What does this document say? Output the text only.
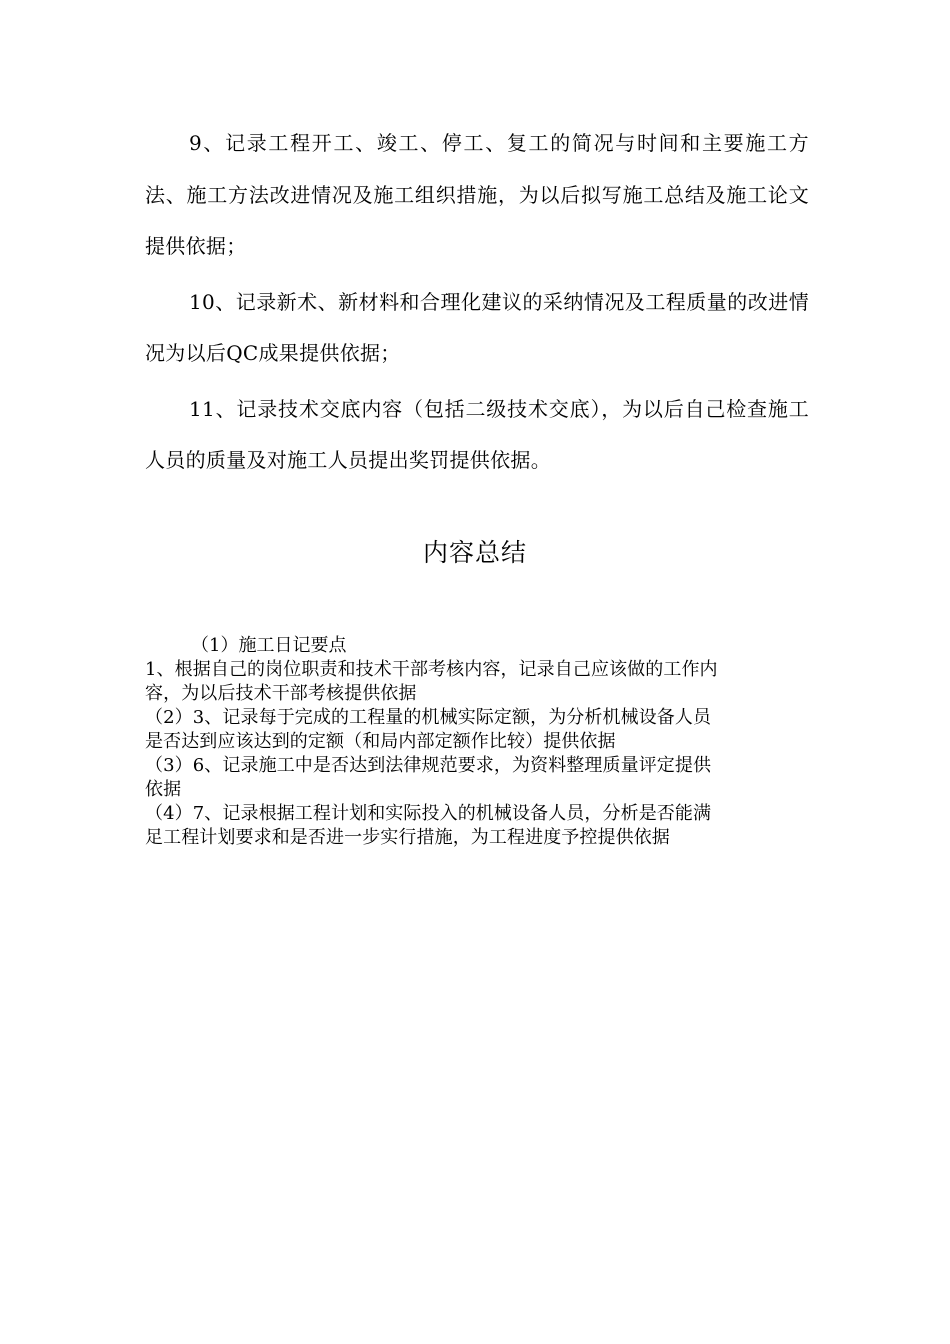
9、记录工程开工、竣工、停工、复工的简况与时间和主要施工方法、施工方法改进情况及施工组织措施，为以后拟写施工总结及施工论文提供依据；

10、记录新术、新材料和合理化建议的采纳情况及工程质量的改进情况为以后QC成果提供依据；

11、记录技术交底内容（包括二级技术交底），为以后自己检查施工人员的质量及对施工人员提出奖罚提供依据。

内容总结

（1）施工日记要点

1、根据自己的岗位职责和技术干部考核内容，记录自己应该做的工作内

容，为以后技术干部考核提供依据

（2）3、记录每于完成的工程量的机械实际定额，为分析机械设备人员

是否达到应该达到的定额（和局内部定额作比较）提供依据

（3）6、记录施工中是否达到法律规范要求，为资料整理质量评定提供

依据

（4）7、记录根据工程计划和实际投入的机械设备人员，分析是否能满

足工程计划要求和是否进一步实行措施，为工程进度予控提供依据
